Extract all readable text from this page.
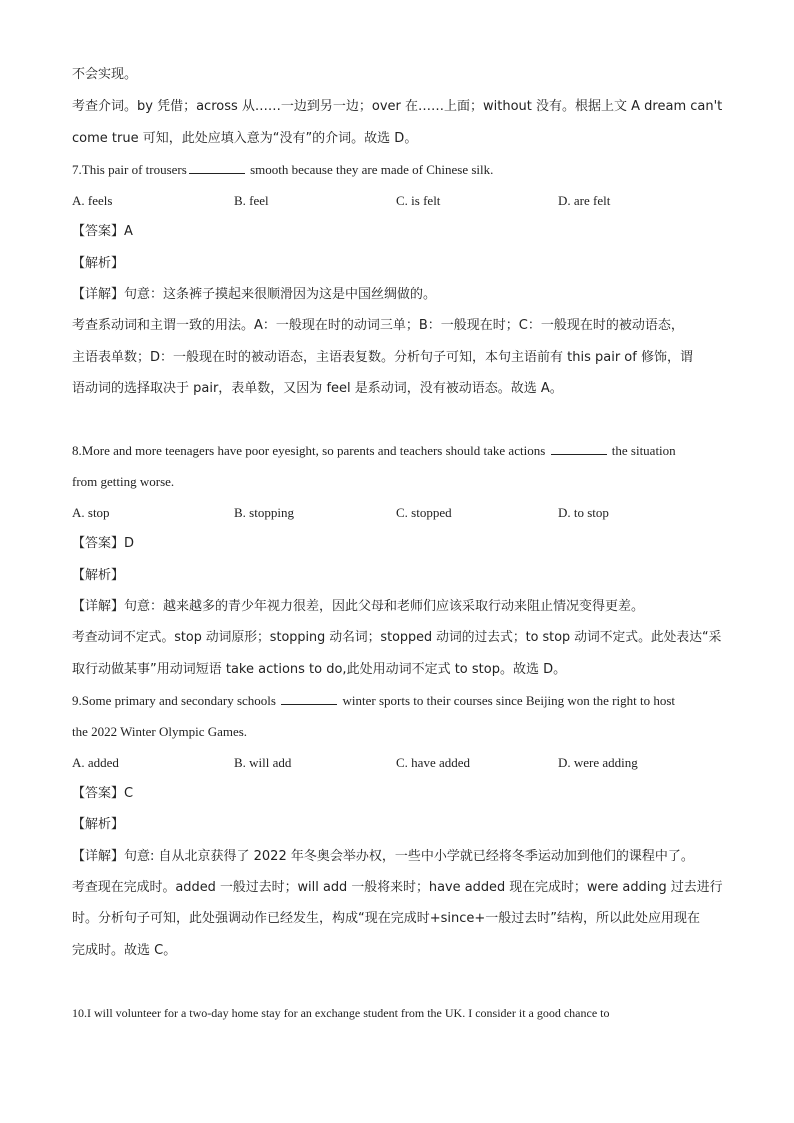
不会实现。
考查介词。by 凭借；across 从……一边到另一边；over 在……上面；without 没有。根据上文 A dream can't
come true 可知，此处应填入意为“没有”的介词。故选 D。
7.This pair of trousers	smooth because they are made of Chinese silk.
A. feels	B. feel	C. is felt	D. are felt
【答案】A
【解析】
【详解】句意：这条裤子摸起来很顺滑因为这是中国丝绸做的。
考查系动词和主谓一致的用法。A：一般现在时的动词三单；B：一般现在时；C：一般现在时的被动语态，
主语表单数；D：一般现在时的被动语态，主语表复数。分析句子可知，本句主语前有 this pair of 修饰，谓
语动词的选择取决于 pair，表单数，又因为 feel 是系动词，没有被动语态。故选 A。
8.More and more teenagers have poor eyesight, so parents and teachers should take actions	the situation
from getting worse.
A. stop	B. stopping	C. stopped	D. to stop
【答案】D
【解析】
【详解】句意：越来越多的青少年视力很差，因此父母和老师们应该采取行动来阻止情况变得更差。
考查动词不定式。stop 动词原形；stopping 动名词；stopped 动词的过去式；to stop 动词不定式。此处表达“采
取行动做某事”用动词短语 take actions to do,此处用动词不定式 to stop。故选 D。
9.Some primary and secondary schools	winter sports to their courses since Beijing won the right to host
the 2022 Winter Olympic Games.
A. added	B. will add	C. have added	D. were adding
【答案】C
【解析】
【详解】句意: 自从北京获得了 2022 年冬奥会举办权，一些中小学就已经将冬季运动加到他们的课程中了。
考查现在完成时。added 一般过去时；will add 一般将来时；have added 现在完成时；were adding 过去进行
时。分析句子可知，此处强调动作已经发生，构成“现在完成时+since+一般过去时”结构，所以此处应用现在
完成时。故选 C。
10.I will volunteer for a two-day home stay for an exchange student from the UK. I consider it a good chance to
